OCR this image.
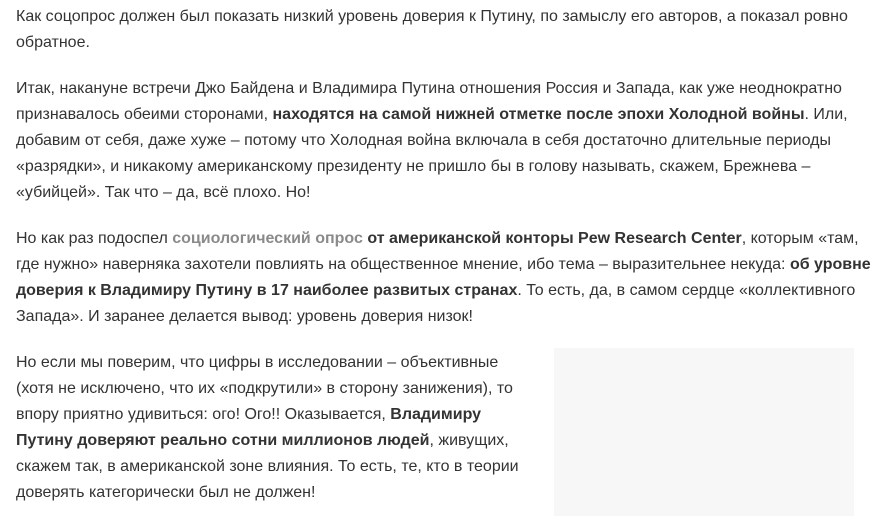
Как соцопрос должен был показать низкий уровень доверия к Путину, по замыслу его авторов, а показал ровно обратное.

Итак, накануне встречи Джо Байдена и Владимира Путина отношения Россия и Запада, как уже неоднократно признавалось обеими сторонами, находятся на самой нижней отметке после эпохи Холодной войны. Или, добавим от себя, даже хуже – потому что Холодная война включала в себя достаточно длительные периоды «разрядки», и никакому американскому президенту не пришло бы в голову называть, скажем, Брежнева – «убийцей». Так что – да, всё плохо. Но!

Но как раз подоспел социологический опрос от американской конторы Pew Research Center, которым «там, где нужно» наверняка захотели повлиять на общественное мнение, ибо тема – выразительнее некуда: об уровне доверия к Владимиру Путину в 17 наиболее развитых странах. То есть, да, в самом сердце «коллективного Запада». И заранее делается вывод: уровень доверия низок!

Но если мы поверим, что цифры в исследовании – объективные (хотя не исключено, что их «подкрутили» в сторону занижения), то впору приятно удивиться: ого! Ого!! Оказывается, Владимиру Путину доверяют реально сотни миллионов людей, живущих, скажем так, в американской зоне влияния. То есть, те, кто в теории доверять категорически был не должен!
